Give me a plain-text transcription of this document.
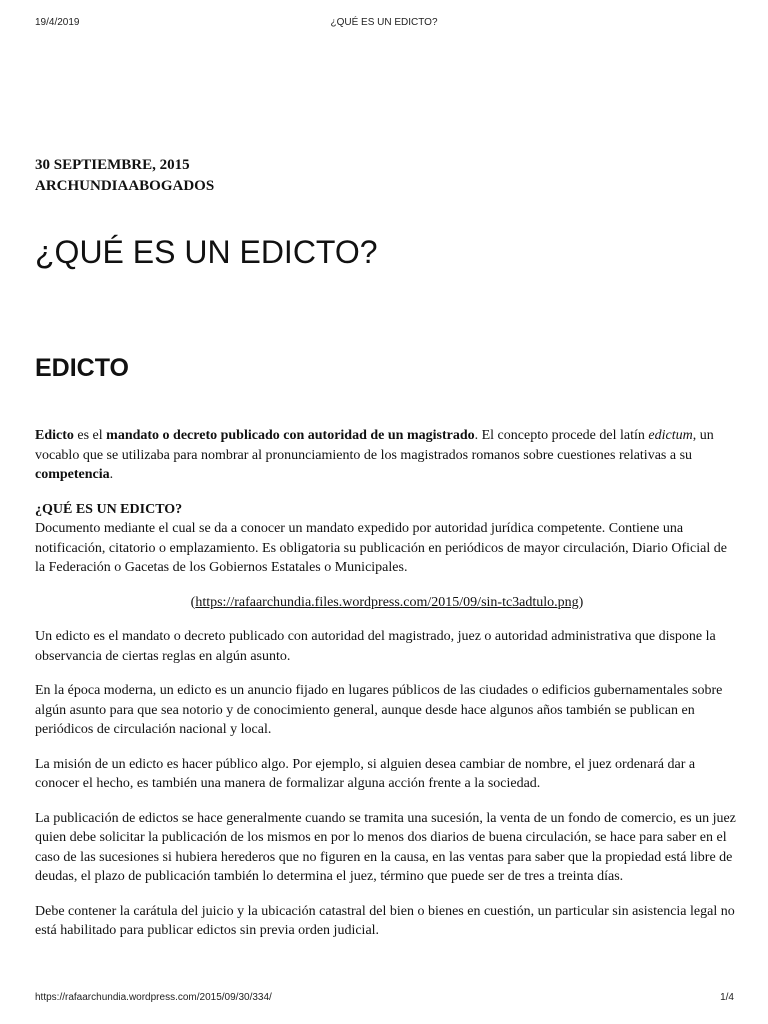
19/4/2019	¿QUÉ ES UN EDICTO?
30 SEPTIEMBRE, 2015
ARCHUNDIAABOGADOS
¿QUÉ ES UN EDICTO?
EDICTO

Edicto es el mandato o decreto publicado con autoridad de un magistrado. El concepto procede del latín edictum, un vocablo que se utilizaba para nombrar al pronunciamiento de los magistrados romanos sobre cuestiones relativas a su competencia.

¿QUÉ ES UN EDICTO?
Documento mediante el cual se da a conocer un mandato expedido por autoridad jurídica competente. Contiene una notificación, citatorio o emplazamiento. Es obligatoria su publicación en periódicos de mayor circulación, Diario Oficial de la Federación o Gacetas de los Gobiernos Estatales o Municipales.

(https://rafaarchundia.files.wordpress.com/2015/09/sin-tc3adtulo.png)

Un edicto es el mandato o decreto publicado con autoridad del magistrado, juez o autoridad administrativa que dispone la observancia de ciertas reglas en algún asunto.

En la época moderna, un edicto es un anuncio fijado en lugares públicos de las ciudades o edificios gubernamentales sobre algún asunto para que sea notorio y de conocimiento general, aunque desde hace algunos años también se publican en periódicos de circulación nacional y local.

La misión de un edicto es hacer público algo. Por ejemplo, si alguien desea cambiar de nombre, el juez ordenará dar a conocer el hecho, es también una manera de formalizar alguna acción frente a la sociedad.

La publicación de edictos se hace generalmente cuando se tramita una sucesión, la venta de un fondo de comercio, es un juez quien debe solicitar la publicación de los mismos en por lo menos dos diarios de buena circulación, se hace para saber en el caso de las sucesiones si hubiera herederos que no figuren en la causa, en las ventas para saber que la propiedad está libre de deudas, el plazo de publicación también lo determina el juez, término que puede ser de tres a treinta días.

Debe contener la carátula del juicio y la ubicación catastral del bien o bienes en cuestión, un particular sin asistencia legal no está habilitado para publicar edictos sin previa orden judicial.

https://rafaarchundia.wordpress.com/2015/09/30/334/	1/4
